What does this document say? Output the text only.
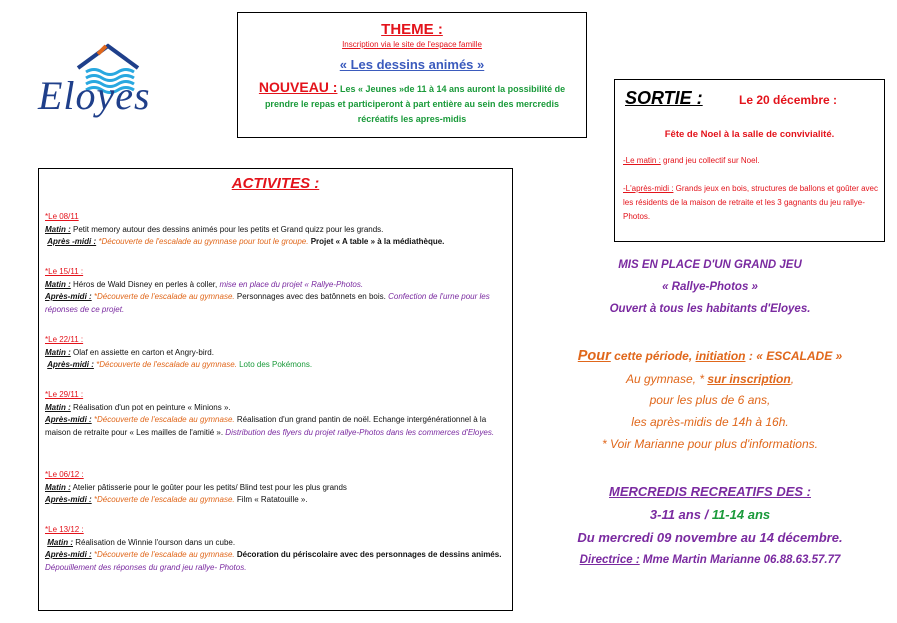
Eloyes
THEME :
Inscription via le site de l'espace famille
« Les dessins animés »
NOUVEAU : Les « Jeunes »de 11 à 14 ans auront la possibilité de prendre le repas et participeront à part entière au sein des mercredis récréatifs les apres-midis
ACTIVITES :
*Le 08/11
Matin : Petit memory autour des dessins animés pour les petits et Grand quizz pour les grands.
Après -midi : *Découverte de l'escalade au gymnase pour tout le groupe. Projet « A table » à la médiathèque.
*Le 15/11 :
Matin : Héros de Wald Disney en perles à coller, mise en place du projet « Rallye-Photos.
Après-midi : *Découverte de l'escalade au gymnase. Personnages avec des batônnets en bois. Confection de l'urne pour les réponses de ce projet.
*Le 22/11 :
Matin : Olaf en assiette en carton et Angry-bird.
Après-midi : *Découverte de l'escalade au gymnase. Loto des Pokémons.
*Le 29/11 :
Matin : Réalisation d'un pot en peinture « Minions ».
Après-midi : *Découverte de l'escalade au gymnase. Réalisation d'un grand pantin de noël. Echange intergénérationnel à la maison de retraite pour « Les mailles de l'amitié ». Distribution des flyers du projet rallye-Photos dans les commerces d'Eloyes.
*Le 06/12 :
Matin : Atelier pâtisserie pour le goûter pour les petits/ Blind test pour les plus grands
Après-midi : *Découverte de l'escalade au gymnase. Film « Ratatouille ».
*Le 13/12 :
Matin : Réalisation de Winnie l'ourson dans un cube.
Après-midi : *Découverte de l'escalade au gymnase. Décoration du périscolaire avec des personnages de dessins animés. Dépouillement des réponses du grand jeu rallye- Photos.
SORTIE :	Le 20 décembre :
Fête de Noel à la salle de convivialité.
-Le matin : grand jeu collectif sur Noel.
-L'après-midi : Grands jeux en bois, structures de ballons et goûter avec les résidents de la maison de retraite et les 3 gagnants du jeu rallye-Photos.
MIS EN PLACE D'UN GRAND JEU
« Rallye-Photos »
Ouvert à tous les habitants d'Eloyes.
Pour cette période, initiation : « ESCALADE »
Au gymnase, * sur inscription,
pour les plus de 6 ans,
les après-midis de 14h à 16h.
* Voir Marianne pour plus d'informations.
MERCREDIS RECREATIFS DES :
3-11 ans / 11-14 ans
Du mercredi 09 novembre au 14 décembre.
Directrice : Mme Martin Marianne 06.88.63.57.77
